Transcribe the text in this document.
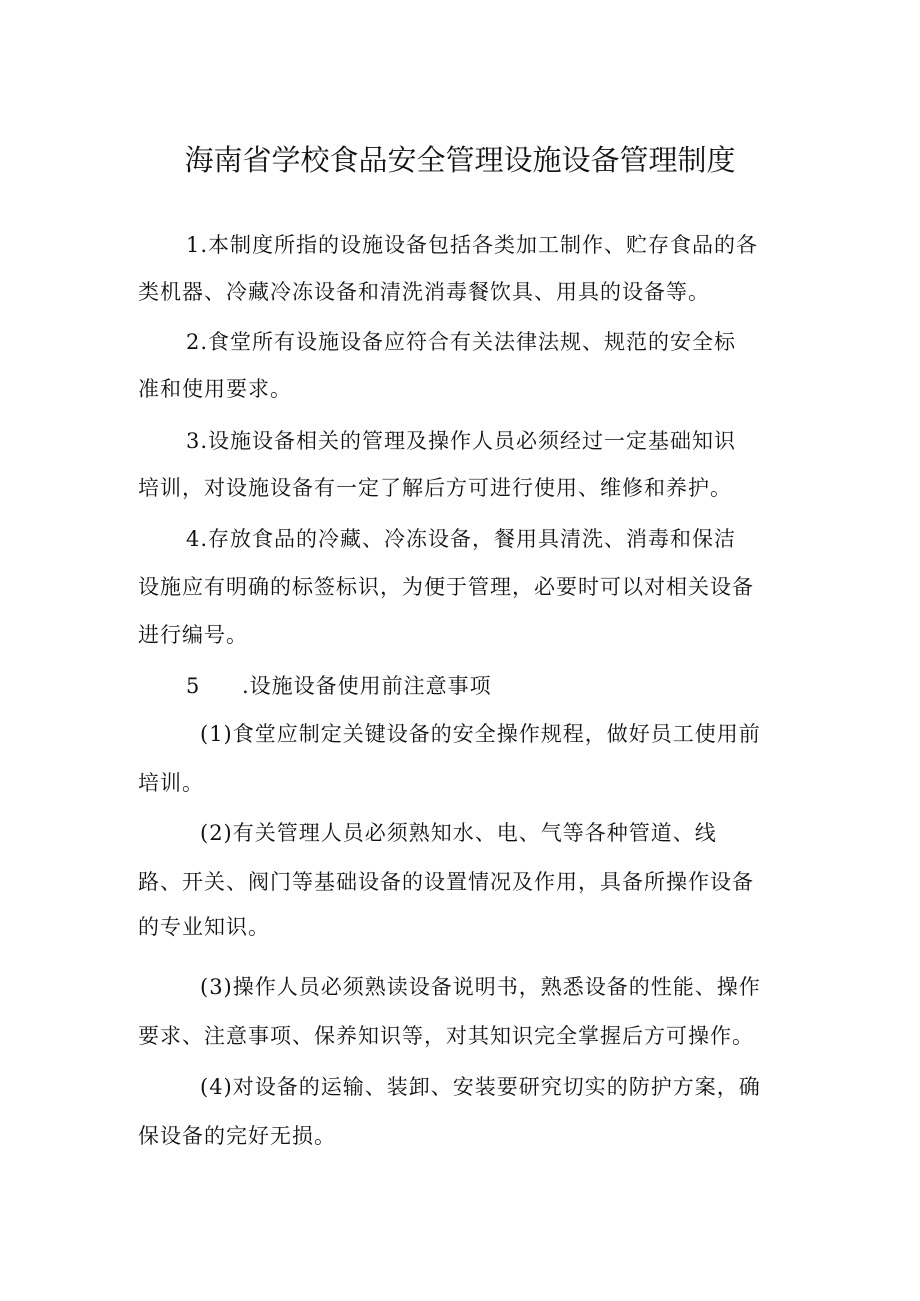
海南省学校食品安全管理设施设备管理制度
1.本制度所指的设施设备包括各类加工制作、贮存食品的各
类机器、冷藏冷冻设备和清洗消毒餐饮具、用具的设备等。
2.食堂所有设施设备应符合有关法律法规、规范的安全标
准和使用要求。
3.设施设备相关的管理及操作人员必须经过一定基础知识
培训，对设施设备有一定了解后方可进行使用、维修和养护。
4.存放食品的冷藏、冷冻设备，餐用具清洗、消毒和保洁
设施应有明确的标签标识，为便于管理，必要时可以对相关设备
进行编号。
5 .设施设备使用前注意事项
(1)食堂应制定关键设备的安全操作规程，做好员工使用前
培训。
(2)有关管理人员必须熟知水、电、气等各种管道、线
路、开关、阀门等基础设备的设置情况及作用，具备所操作设备
的专业知识。
(3)操作人员必须熟读设备说明书，熟悉设备的性能、操作
要求、注意事项、保养知识等，对其知识完全掌握后方可操作。
(4)对设备的运输、装卸、安装要研究切实的防护方案，确
保设备的完好无损。
